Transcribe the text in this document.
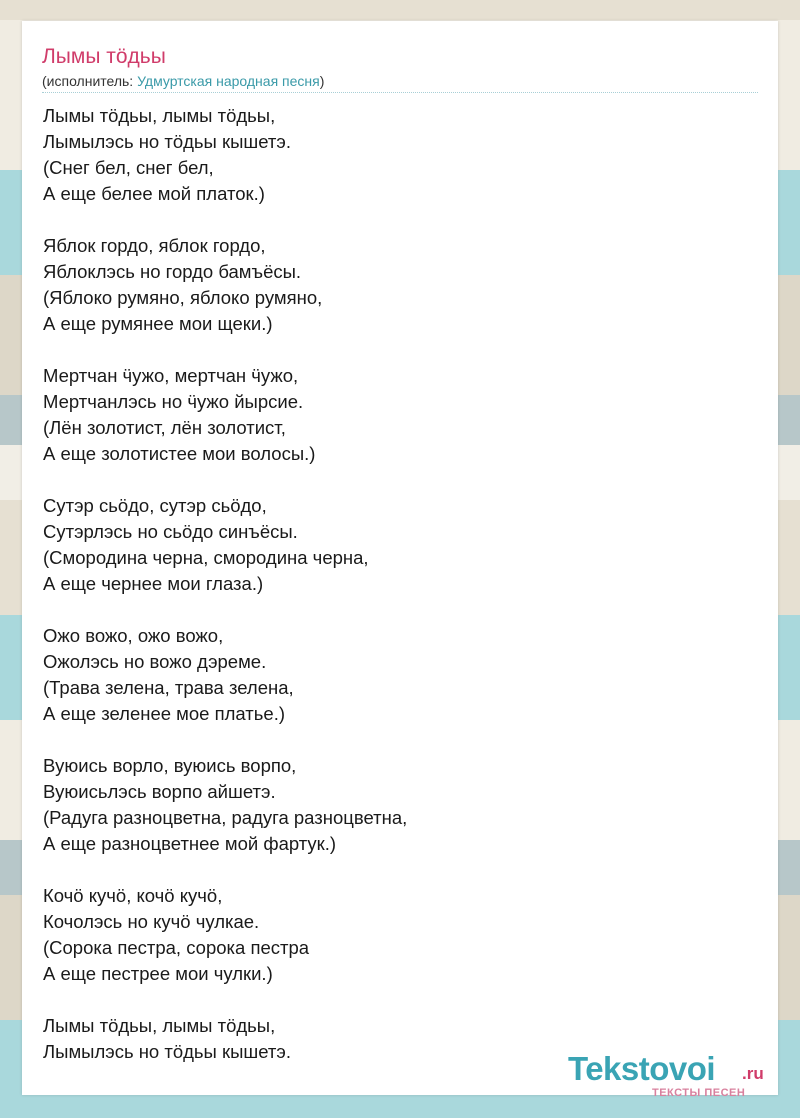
Лымы тӧдьы
(исполнитель: Удмуртская народная песня)
Лымы тӧдьы, лымы тӧдьы,
Лымылэсь но тӧдьы кышетэ.
(Снег бел, снег бел,
А еще белее мой платок.)
Яблок гордо, яблок гордо,
Яблоклэсь но гордо бамъёсы.
(Яблоко румяно, яблоко румяно,
А еще румянее мои щеки.)
Мертчан ӵужо, мертчан ӵужо,
Мертчанлэсь но ӵужо йырсие.
(Лён золотист, лён золотист,
А еще золотистее мои волосы.)
Сутэр сьӧдо, сутэр сьӧдо,
Сутэрлэсь но сьӧдо синъёсы.
(Смородина черна, смородина черна,
А еще чернее мои глаза.)
Ожо вожо, ожо вожо,
Ожолэсь но вожо дэреме.
(Трава зелена, трава зелена,
А еще зеленее мое платье.)
Вуюись ворло, вуюись ворпо,
Вуюисьлэсь ворпо айшетэ.
(Радуга разноцветна, радуга разноцветна,
А еще разноцветнее мой фартук.)
Кочӧ кучӧ, кочӧ кучӧ,
Кочолэсь но кучӧ чулкае.
(Сорока пестра, сорока пестра
А еще пестрее мои чулки.)
Лымы тӧдьы, лымы тӧдьы,
Лымылэсь но тӧдьы кышетэ.	Tekstovoi .ru
ТЕКСТЫ ПЕСЕН
